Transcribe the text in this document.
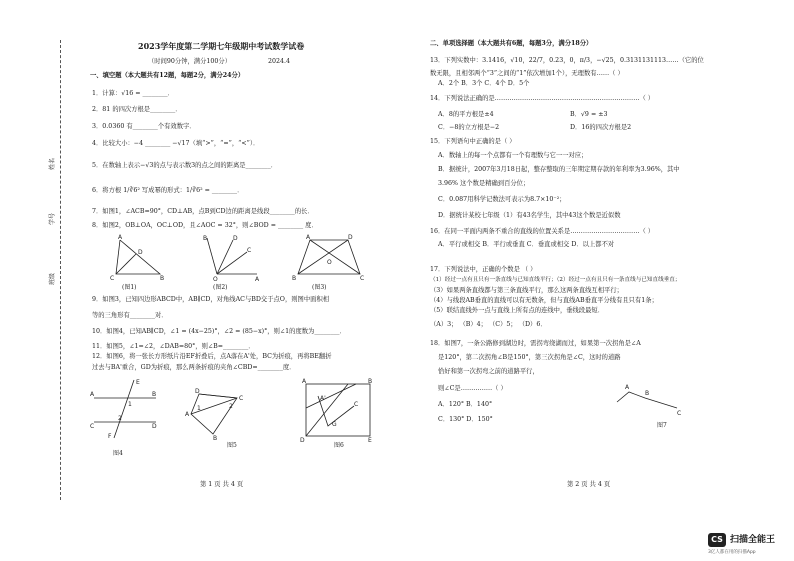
姓名
学号
班级
2023学年度第二学期七年级期中考试数学试卷
（时间90分钟，满分100分）	2024.4
一、填空题（本大题共有12题，每题2分，满分24分）
1．计算：√16 = ________．
2．81 的四次方根是________．
3．0.0360 有________个有效数字．
4．比较大小：−4 ________ −√17（填“>”，“=”，“<”）．
5．在数轴上表示−√3的点与表示数3的点之间的距离是________．
6．将方根 1/∛6² 写成幂的形式：1/∛6² = ________．
7．如图1，∠ACB=90°，CD⊥AB，点B到CD边的距离是线段________的长．
8．如图2，OB⊥OA，OC⊥OD，且∠AOC = 32°，则∠BOD = ________ 度．
A
D
C	B
B	D
C
O	A
A	D
B	C
O
(图1)	(图2)	(图3)
9．如图3，已知四边形ABCD中，AB∥CD，对角线AC与BD交于点O，则图中面积相
等的三角形有________对．
10．如图4，已知AB∥CD，∠1 = (4x−25)°，∠2 = (85−x)°，则∠1的度数为________．
11．如图5，∠1=∠2，∠DAB=80°，则∠B=________．
12．如图6，将一张长方形纸片沿EF折叠后，点A落在A'处，BC为折痕，再将BE翻折
过去与BA'重合，GD为折痕，那么两条折痕的夹角∠CBD=________度．
A	B
C	D
E
F
1
2
D
C
A
B
1	2
A	B
D	E
A'
G
C
图4
图5	图6
第 1 页 共 4 页
二、单项选择题（本大题共有6题，每题3分，满分18分）
13．下列实数中：3.1416，√10，22/7，0.23，0，π/3，−√25，0.3131131113……（它的位
数无限，且相邻两个“3”之间的“1”依次增加1个），无理数有……（ ）
A．2个 B．3个 C．4个 D．5个
14．下列说法正确的是……………………………………………………………（ ）
A．8的平方根是±4	B．√9 = ±3
C．−8的立方根是−2	D．16的四次方根是2
15．下列语句中正确的是（ ）
A．数轴上的每一个点都有一个有理数与它一一对应；
B．据统计，2007年3月18日起，整存整取的三年期定期存款的年利率为3.96%，其中
3.96% 这个数是精确到百分位；
C．0.087用科学记数法可表示为8.7×10⁻²；
D．据统计某校七年级（1）有43名学生，其中43这个数是近似数
16．在同一平面内两条不重合的直线的位置关系是……………………………（ ）
A．平行或相交 B．平行或垂直 C．垂直或相交 D．以上都不对
17．下列说法中，正确的个数是 （ ）
（1）经过一点有且只有一条直线与已知直线平行；（2）经过一点有且只有一条直线与已知直线垂直；
（3）如果两条直线都与第三条直线平行，那么这两条直线互相平行；
（4）与线段AB垂直的直线可以有无数条，但与直线AB垂直平分线有且只有1条；
（5）联结直线外一点与直线上所有点的连线中，垂线段最短．
（A）3； （B）4； （C）5； （D）6．
18．如图7，一条公路修到湖边时，需拐弯绕湖而过，如果第一次拐角是∠A
是120°，第二次拐角∠B是150°，第三次拐角是∠C，这时的道路
恰好和第一次拐弯之前的道路平行，
则∠C是……………（ ）
A．120° B．140°
C．130° D．150°
A
B
C
图7
第 2 页 共 4 页
CS 扫描全能王
3亿人都在用的扫描App
